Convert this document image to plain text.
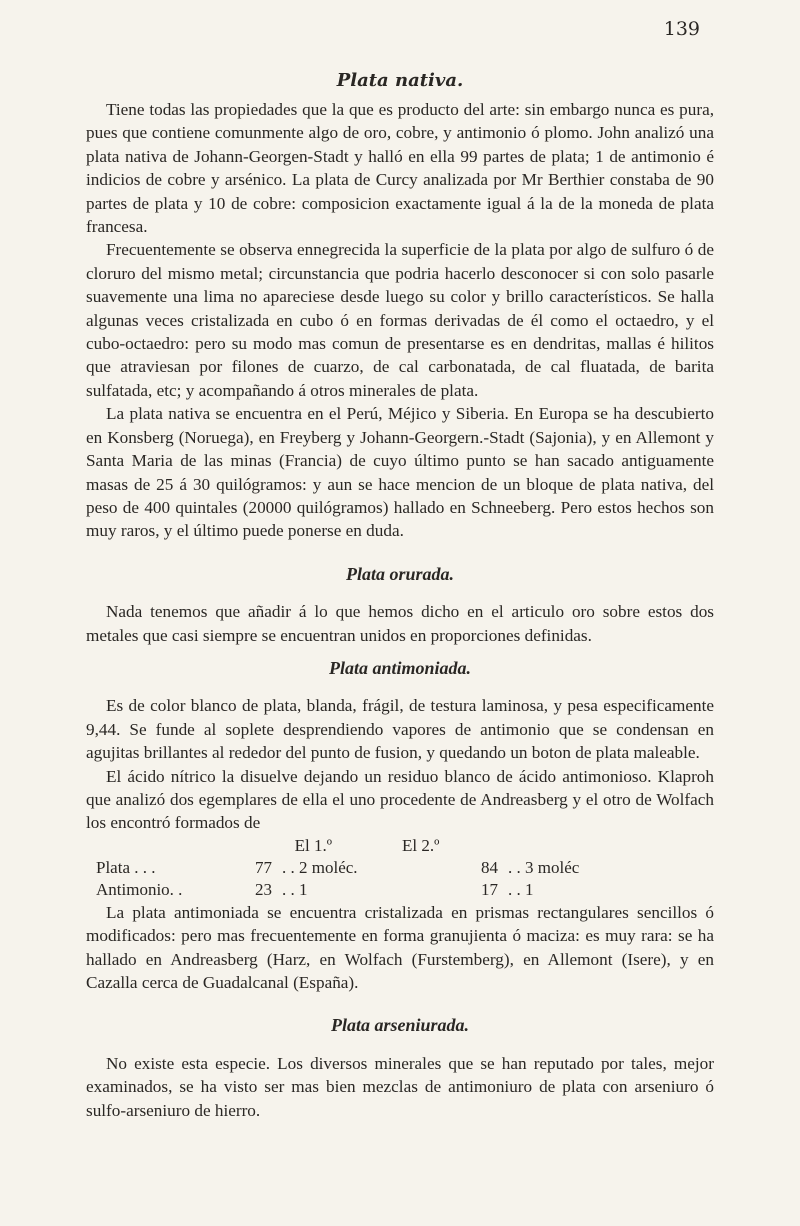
139
Plata nativa.

Tiene todas las propiedades que la que es producto del arte: sin embargo nunca es pura, pues que contiene comunmente algo de oro, cobre, y antimonio ó plomo. John analizó una plata nativa de Johann-Georgen-Stadt y halló en ella 99 partes de plata; 1 de antimonio é indicios de cobre y arsénico. La plata de Curcy analizada por Mr Berthier constaba de 90 partes de plata y 10 de cobre: composicion exactamente igual á la de la moneda de plata francesa.

Frecuentemente se observa ennegrecida la superficie de la plata por algo de sulfuro ó de cloruro del mismo metal; circunstancia que podria hacerlo desconocer si con solo pasarle suavemente una lima no apareciese desde luego su color y brillo característicos. Se halla algunas veces cristalizada en cubo ó en formas derivadas de él como el octaedro, y el cubo-octaedro: pero su modo mas comun de presentarse es en dendritas, mallas é hilitos que atraviesan por filones de cuarzo, de cal carbonatada, de cal fluatada, de barita sulfatada, etc; y acompañando á otros minerales de plata.

La plata nativa se encuentra en el Perú, Méjico y Siberia. En Europa se ha descubierto en Konsberg (Noruega), en Freyberg y Johann-Georgern.-Stadt (Sajonia), y en Allemont y Santa Maria de las minas (Francia) de cuyo último punto se han sacado antiguamente masas de 25 á 30 quilógramos: y aun se hace mencion de un bloque de plata nativa, del peso de 400 quintales (20000 quilógramos) hallado en Schneeberg. Pero estos hechos son muy raros, y el último puede ponerse en duda.

Plata orurada.

Nada tenemos que añadir á lo que hemos dicho en el articulo oro sobre estos dos metales que casi siempre se encuentran unidos en proporciones definidas.

Plata antimoniada.

Es de color blanco de plata, blanda, frágil, de testura laminosa, y pesa especificamente 9,44. Se funde al soplete desprendiendo vapores de antimonio que se condensan en agujitas brillantes al rededor del punto de fusion, y quedando un boton de plata maleable.

El ácido nítrico la disuelve dejando un residuo blanco de ácido antimonioso. Klaproh que analizó dos egemplares de ella el uno procedente de Andreasberg y el otro de Wolfach los encontró formados de

El 1.º	El 2.º
Plata . . .	77 . . 2 moléc.	84 . . 3 moléc
Antimonio. .	23 . . 1	17 . . 1

La plata antimoniada se encuentra cristalizada en prismas rectangulares sencillos ó modificados: pero mas frecuentemente en forma granujienta ó maciza: es muy rara: se ha hallado en Andreasberg (Harz, en Wolfach (Furstemberg), en Allemont (Isere), y en Cazalla cerca de Guadalcanal (España).

Plata arseniurada.

No existe esta especie. Los diversos minerales que se han reputado por tales, mejor examinados, se ha visto ser mas bien mezclas de antimoniuro de plata con arseniuro ó sulfo-arseniuro de hierro.
